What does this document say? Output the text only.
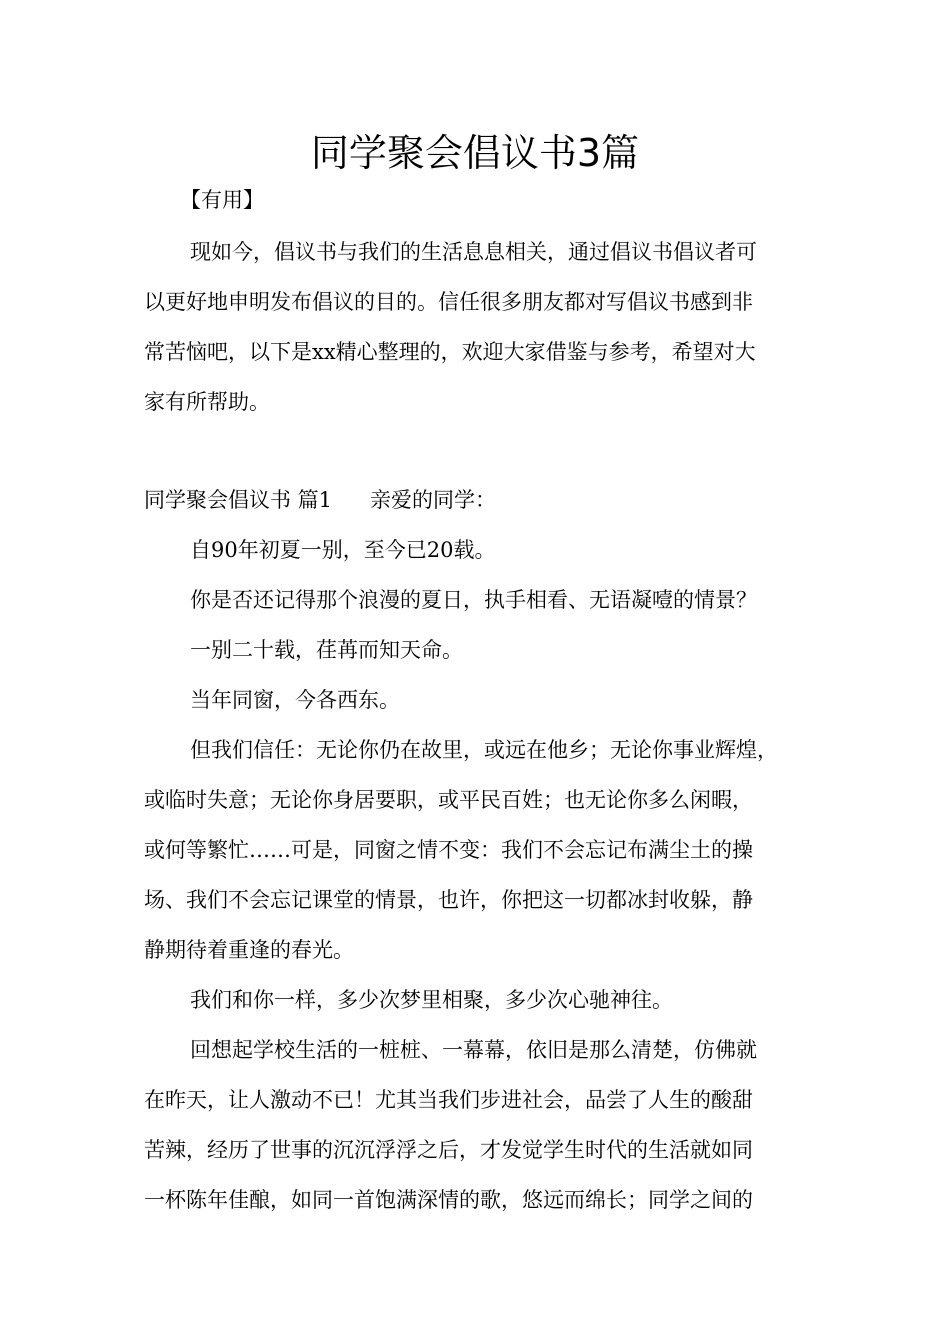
同学聚会倡议书3篇
【有用】
现如今，倡议书与我们的生活息息相关，通过倡议书倡议者可
以更好地申明发布倡议的目的。信任很多朋友都对写倡议书感到非
常苦恼吧，以下是xx精心整理的，欢迎大家借鉴与参考，希望对大
家有所帮助。
同学聚会倡议书 篇1 亲爱的同学：
自90年初夏一别，至今已20载。
你是否还记得那个浪漫的夏日，执手相看、无语凝噎的情景？
一别二十载，荏苒而知天命。
当年同窗，今各西东。
但我们信任：无论你仍在故里，或远在他乡；无论你事业辉煌，
或临时失意；无论你身居要职，或平民百姓；也无论你多么闲暇，
或何等繁忙……可是，同窗之情不变：我们不会忘记布满尘土的操
场、我们不会忘记课堂的情景，也许，你把这一切都冰封收躲，静
静期待着重逢的春光。
我们和你一样，多少次梦里相聚，多少次心驰神往。
回想起学校生活的一桩桩、一幕幕，依旧是那么清楚，仿佛就
在昨天，让人激动不已！尤其当我们步进社会，品尝了人生的酸甜
苦辣，经历了世事的沉沉浮浮之后，才发觉学生时代的生活就如同
一杯陈年佳酿，如同一首饱满深情的歌，悠远而绵长；同学之间的
